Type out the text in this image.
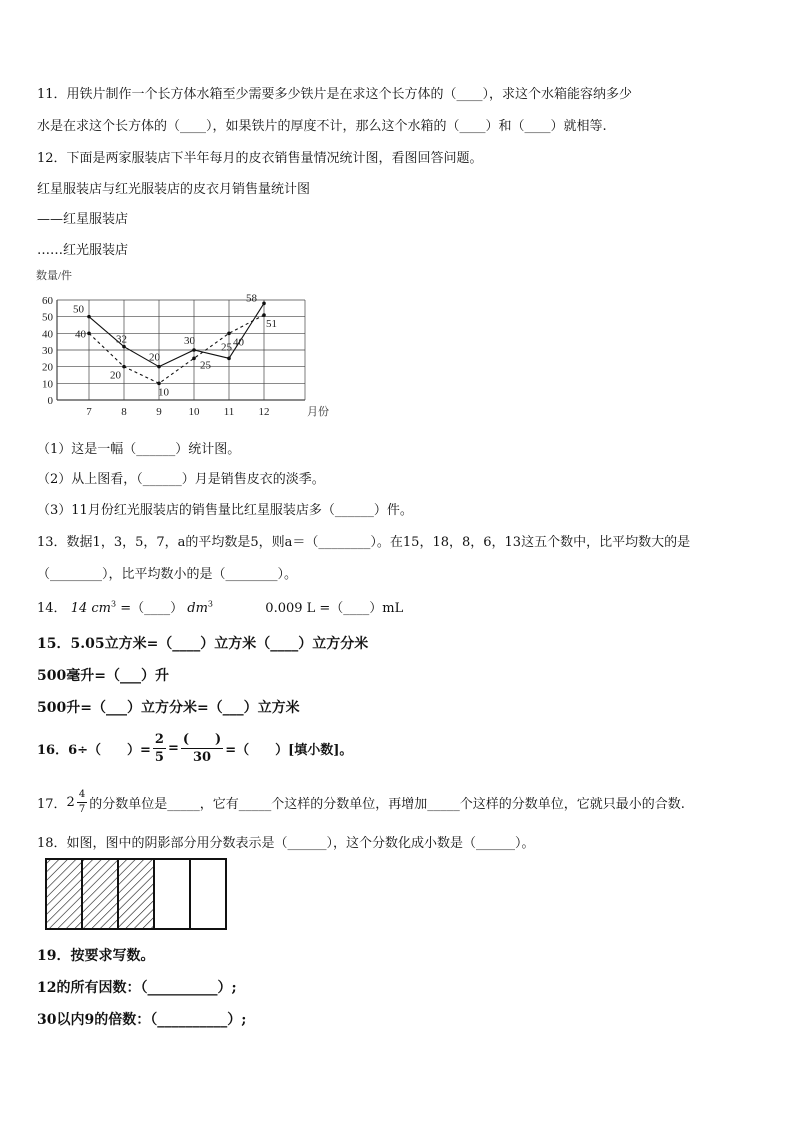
11．用铁片制作一个长方体水箱至少需要多少铁片是在求这个长方体的（____），求这个水箱能容纳多少
水是在求这个长方体的（____），如果铁片的厚度不计，那么这个水箱的（____）和（____）就相等.
12．下面是两家服装店下半年每月的皮衣销售量情况统计图，看图回答问题。
红星服装店与红光服装店的皮衣月销售量统计图
——红星服装店
……红光服装店
数量/件
0
10
20
30
40
50
60
7	8	9 10 11 12	月份
50
32
20
30
25
58
40
20
10
25
40
51
（1）这是一幅（______）统计图。
（2）从上图看，（______）月是销售皮衣的淡季。
（3）11月份红光服装店的销售量比红星服装店多（______）件。
13．数据1，3，5，7，a的平均数是5，则a＝（________）。在15，18，8，6，13这五个数中，比平均数大的是
（________），比平均数小的是（________）。
14． 14 $cm^3$ =（____） $dm^3$	0.009 L =（____）mL
15．5.05立方米=（____）立方米（____）立方分米
500毫升=（___）升
500升=（___）立方分米=（___）立方米
16．6÷（　　）= $\frac{2}{5} = \frac{( )}{30}$ =（　　）[填小数]。
17． $2 \frac{4}{7}$ 的分数单位是_____，它有_____个这样的分数单位，再增加_____个这样的分数单位，它就只最小的合数.
18．如图，图中的阴影部分用分数表示是（______），这个分数化成小数是（______）。
19．按要求写数。
12的所有因数：（__________）;
30以内9的倍数：（__________）;
